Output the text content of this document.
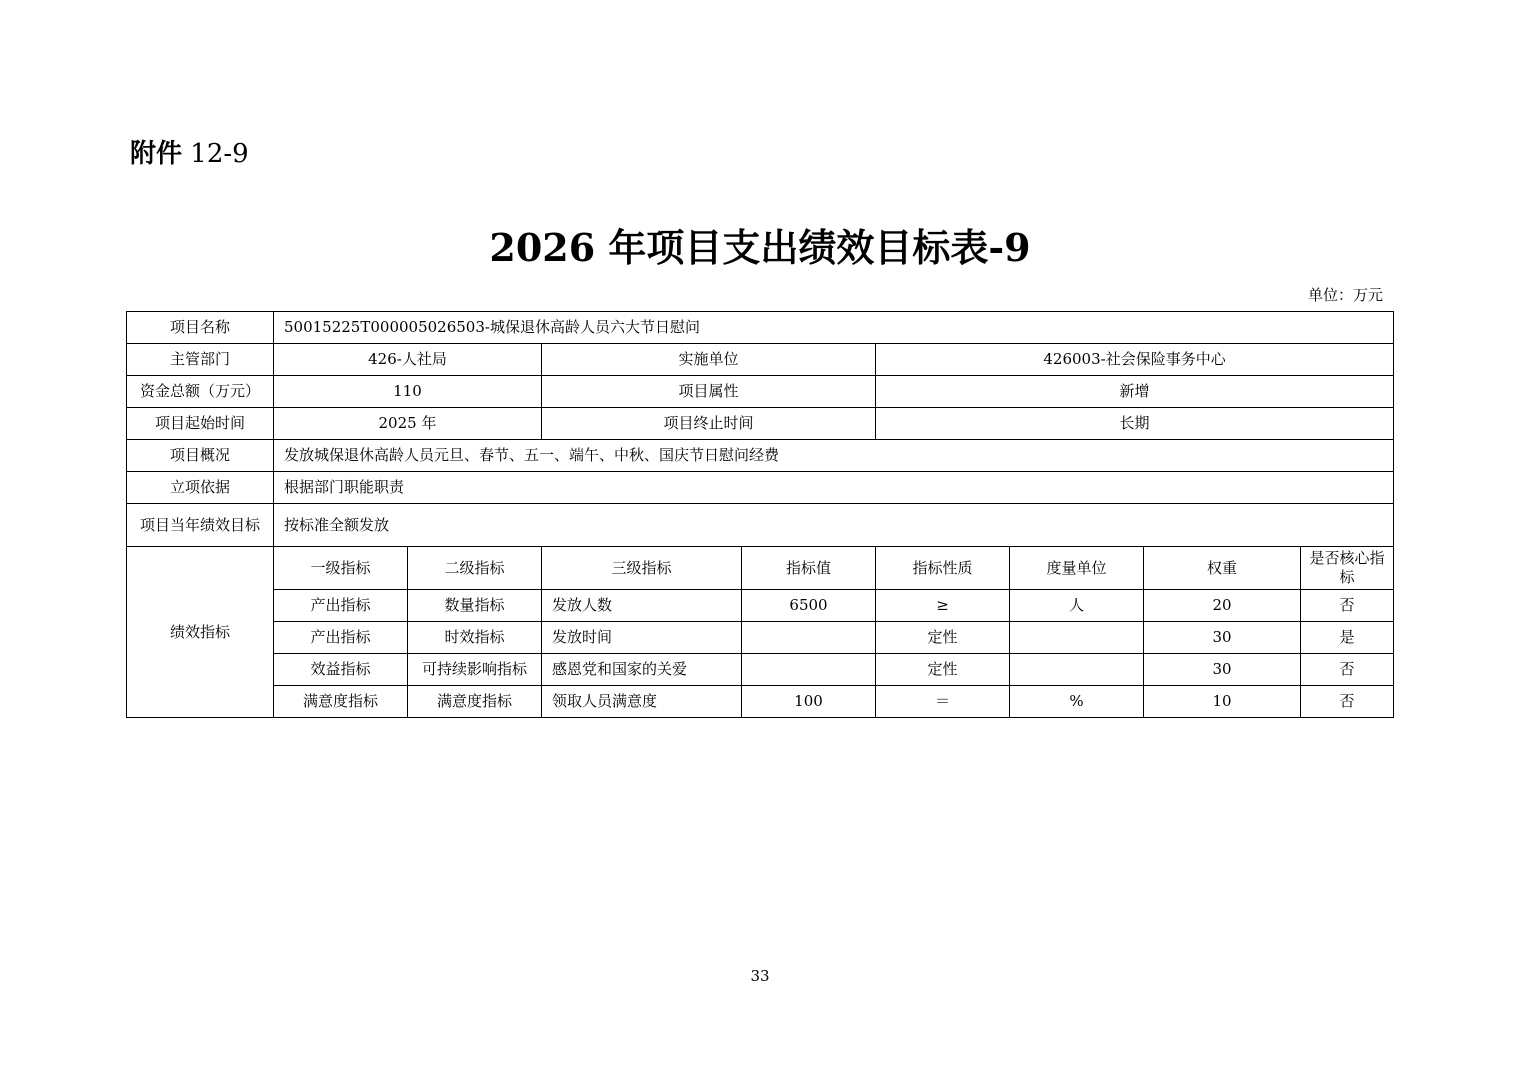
附件 12-9
2026 年项目支出绩效目标表-9
单位：万元
项目名称	50015225T000005026503-城保退休高龄人员六大节日慰问							
主管部门	426-人社局		实施单位		426003-社会保险事务中心			
资金总额（万元）	110		项目属性		新增			
项目起始时间	2025 年		项目终止时间		长期			
项目概况	发放城保退休高龄人员元旦、春节、五一、端午、中秋、国庆节日慰问经费							
立项依据	根据部门职能职责							
项目当年绩效目标	按标准全额发放							
绩效指标	一级指标	二级指标	三级指标	指标值	指标性质	度量单位	权重	是否核心指标
	产出指标	数量指标	发放人数	6500	≥	人	20	否
	产出指标	时效指标	发放时间		定性		30	是
	效益指标	可持续影响指标	感恩党和国家的关爱		定性		30	否
	满意度指标	满意度指标	领取人员满意度	100	＝	%	10	否
33
